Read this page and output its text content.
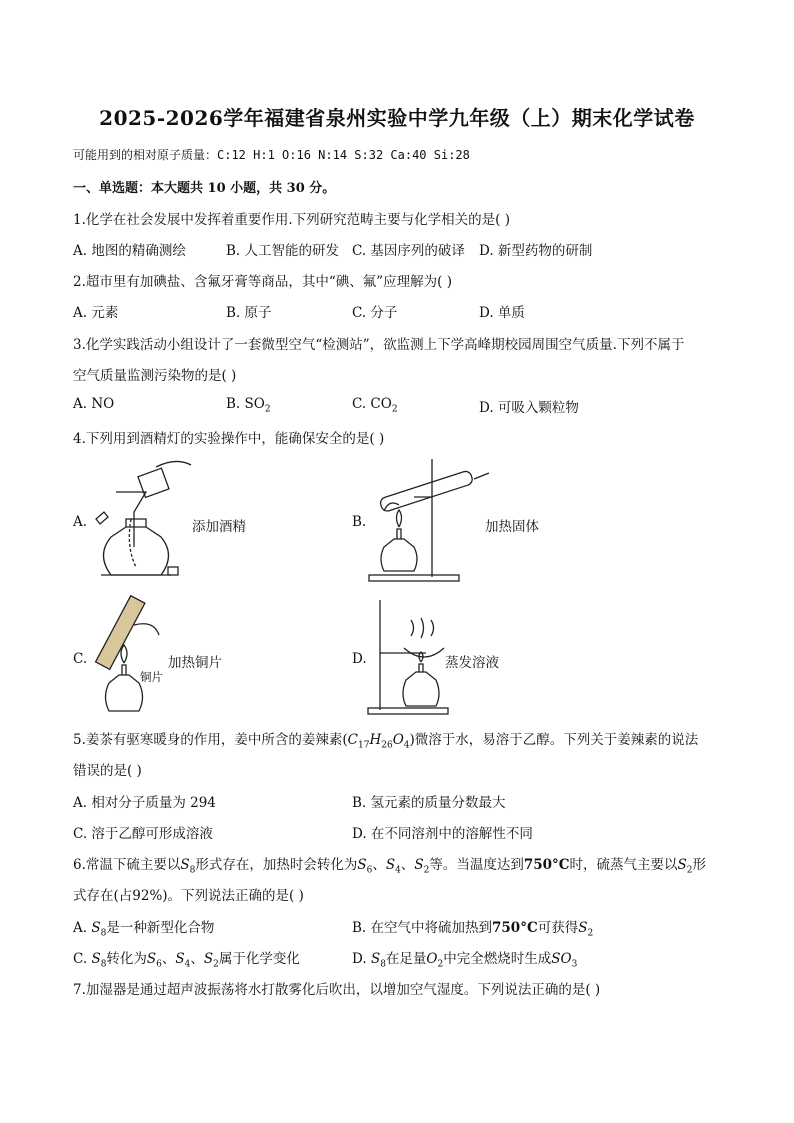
2025-2026学年福建省泉州实验中学九年级（上）期末化学试卷
可能用到的相对原子质量：C:12 H:1 O:16 N:14 S:32 Ca:40 Si:28
一、单选题：本大题共 10 小题，共 30 分。
1.化学在社会发展中发挥着重要作用.下列研究范畴主要与化学相关的是( )
A. 地图的精确测绘	B. 人工智能的研发 C. 基因序列的破译 D. 新型药物的研制
2.超市里有加碘盐、含氟牙膏等商品，其中“碘、氟”应理解为( )
A. 元素	B. 原子	C. 分子	D. 单质
3.化学实践活动小组设计了一套微型空气“检测站”，欲监测上下学高峰期校园周围空气质量.下列不属于
空气质量监测污染物的是( )
A. NO	B. $SO_2$	C. $CO_2$	D. 可吸入颗粒物
4.下列用到酒精灯的实验操作中，能确保安全的是( )
A.	添加酒精	B.	加热固体
C.	加热铜片
铜片
D.	蒸发溶液
5.姜茶有驱寒暖身的作用，姜中所含的姜辣素$(C_{17}H_{26}O_4)$微溶于水，易溶于乙醇。下列关于姜辣素的说法
错误的是( )
A. 相对分子质量为 294	B. 氢元素的质量分数最大
C. 溶于乙醇可形成溶液	D. 在不同溶剂中的溶解性不同
6.常温下硫主要以$S_8$形式存在，加热时会转化为$S_6$、$S_4$、$S_2$等。当温度达到750°C时，硫蒸气主要以$S_2$形
式存在(占92%)。下列说法正确的是( )
A. $S_8$是一种新型化合物	B. 在空气中将硫加热到750°C可获得$S_2$
C. $S_8$转化为$S_6$、$S_4$、$S_2$属于化学变化	D. $S_8$在足量$O_2$中完全燃烧时生成$SO_3$
7.加湿器是通过超声波振荡将水打散雾化后吹出，以增加空气湿度。下列说法正确的是( )
